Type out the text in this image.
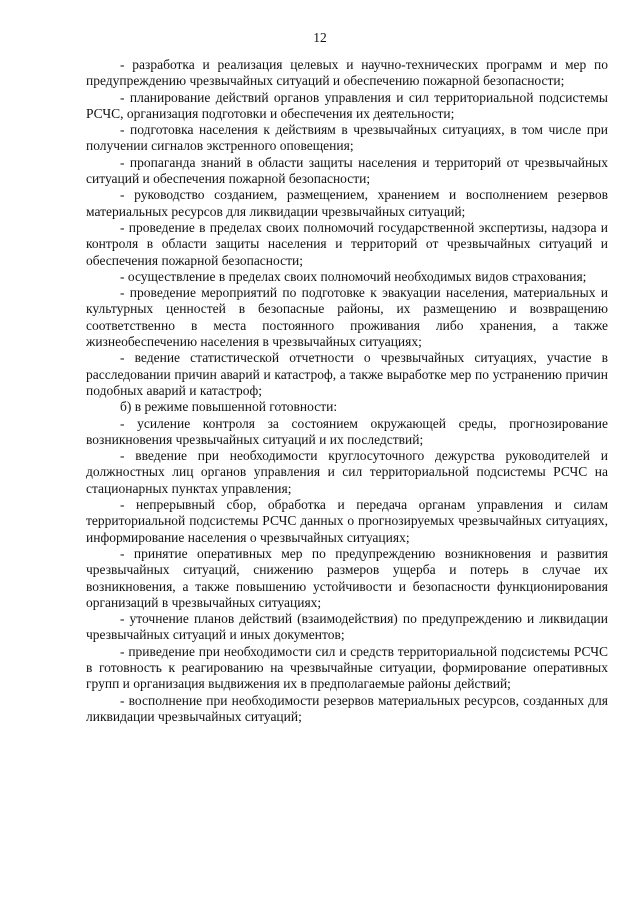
12

- разработка и реализация целевых и научно-технических программ и мер по предупреждению чрезвычайных ситуаций и обеспечению пожарной безопасности;

- планирование действий органов управления и сил территориальной подсистемы РСЧС, организация подготовки и обеспечения их деятельности;

- подготовка населения к действиям в чрезвычайных ситуациях, в том числе при получении сигналов экстренного оповещения;

- пропаганда знаний в области защиты населения и территорий от чрезвычайных ситуаций и обеспечения пожарной безопасности;

- руководство созданием, размещением, хранением и восполнением резервов материальных ресурсов для ликвидации чрезвычайных ситуаций;

- проведение в пределах своих полномочий государственной экспертизы, надзора и контроля в области защиты населения и территорий от чрезвычайных ситуаций и обеспечения пожарной безопасности;

- осуществление в пределах своих полномочий необходимых видов страхования;

- проведение мероприятий по подготовке к эвакуации населения, материальных и культурных ценностей в безопасные районы, их размещению и возвращению соответственно в места постоянного проживания либо хранения, а также жизнеобеспечению населения в чрезвычайных ситуациях;

- ведение статистической отчетности о чрезвычайных ситуациях, участие в расследовании причин аварий и катастроф, а также выработке мер по устранению причин подобных аварий и катастроф;

б) в режиме повышенной готовности:

- усиление контроля за состоянием окружающей среды, прогнозирование возникновения чрезвычайных ситуаций и их последствий;

- введение при необходимости круглосуточного дежурства руководителей и должностных лиц органов управления и сил территориальной подсистемы РСЧС на стационарных пунктах управления;

- непрерывный сбор, обработка и передача органам управления и силам территориальной подсистемы РСЧС данных о прогнозируемых чрезвычайных ситуациях, информирование населения о чрезвычайных ситуациях;

- принятие оперативных мер по предупреждению возникновения и развития чрезвычайных ситуаций, снижению размеров ущерба и потерь в случае их возникновения, а также повышению устойчивости и безопасности функционирования организаций в чрезвычайных ситуациях;

- уточнение планов действий (взаимодействия) по предупреждению и ликвидации чрезвычайных ситуаций и иных документов;

- приведение при необходимости сил и средств территориальной подсистемы РСЧС в готовность к реагированию на чрезвычайные ситуации, формирование оперативных групп и организация выдвижения их в предполагаемые районы действий;

- восполнение при необходимости резервов материальных ресурсов, созданных для ликвидации чрезвычайных ситуаций;
